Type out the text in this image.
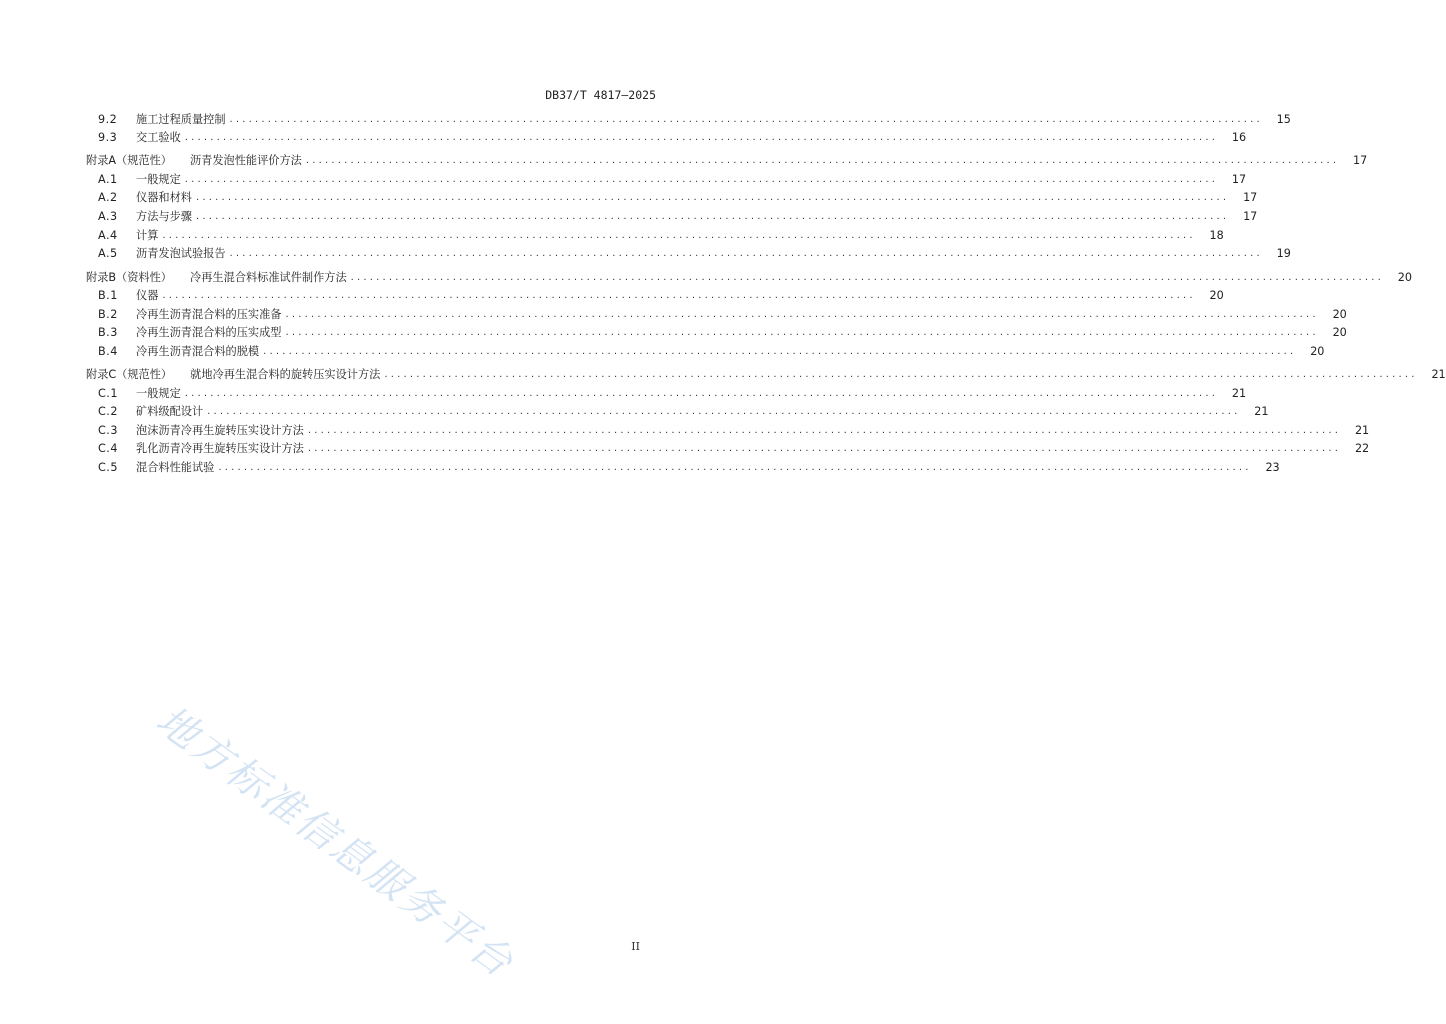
DB37/T 4817—2025
9.2	施工过程质量控制 ..................................................................................................................................................................	15
9.3	交工验收 ..................................................................................................................................................................	16
附录A（规范性） 沥青发泡性能评价方法 ..................................................................................................................................................................	17
A.1	一般规定 ..................................................................................................................................................................	17
A.2	仪器和材料 ..................................................................................................................................................................	17
A.3	方法与步骤 ..................................................................................................................................................................	17
A.4	计算 ..................................................................................................................................................................	18
A.5	沥青发泡试验报告 ..................................................................................................................................................................	19
附录B（资料性） 冷再生混合料标准试件制作方法 ..................................................................................................................................................................	20
B.1	仪器 ..................................................................................................................................................................	20
B.2	冷再生沥青混合料的压实准备 ..................................................................................................................................................................	20
B.3	冷再生沥青混合料的压实成型 ..................................................................................................................................................................	20
B.4	冷再生沥青混合料的脱模 ..................................................................................................................................................................	20
附录C（规范性） 就地冷再生混合料的旋转压实设计方法 ..................................................................................................................................................................	21
C.1	一般规定 ..................................................................................................................................................................	21
C.2	矿料级配设计 ..................................................................................................................................................................	21
C.3	泡沫沥青冷再生旋转压实设计方法 ..................................................................................................................................................................	21
C.4	乳化沥青冷再生旋转压实设计方法 ..................................................................................................................................................................	22
C.5	混合料性能试验 ..................................................................................................................................................................	23
地方标准信息服务平台	II
